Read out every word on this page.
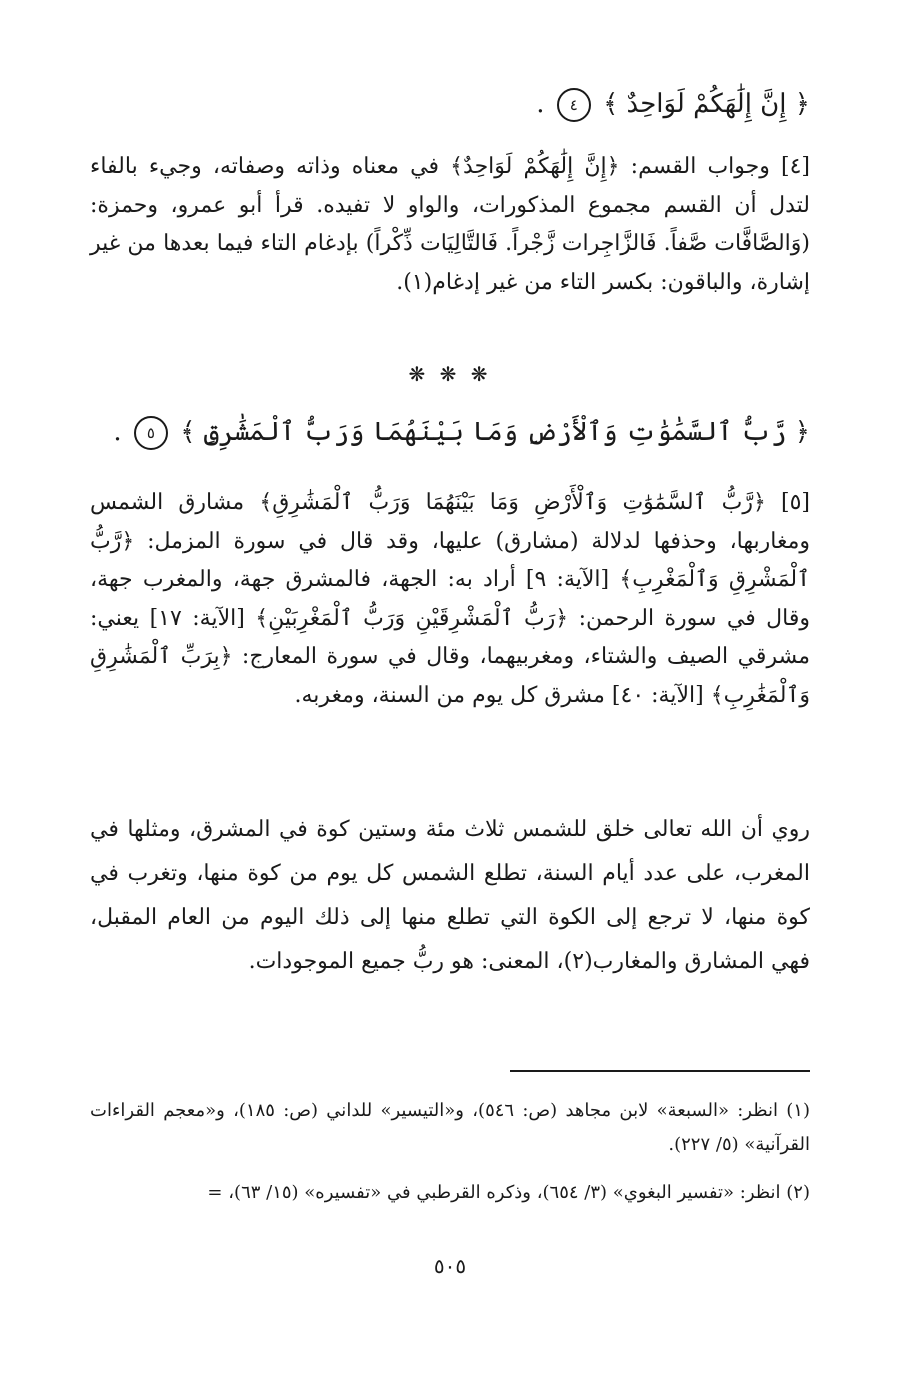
﴿ إِنَّ إِلَٰهَكُمْ لَوَاحِدٌ ﴾ ٤ .
[٤] وجواب القسم: ﴿إِنَّ إِلَٰهَكُمْ لَوَاحِدٌ﴾ في معناه وذاته وصفاته، وجيء بالفاء لتدل أن القسم مجموع المذكورات، والواو لا تفيده. قرأ أبو عمرو، وحمزة: (وَالصَّافَّات صَّفاً. فَالزَّاجِرات زَّجْراً. فَالتَّالِيَات ذِّكْراً) بإدغام التاء فيما بعدها من غير إشارة، والباقون: بكسر التاء من غير إدغام(١).
❋ ❋ ❋
﴿ رَّبُّ ٱلسَّمَٰوَٰتِ وَٱلْأَرْضِ وَمَا بَيْنَهُمَا وَرَبُّ ٱلْمَشَٰرِقِ ﴾ ٥ .
[٥] ﴿رَّبُّ ٱلسَّمَٰوَٰتِ وَٱلْأَرْضِ وَمَا بَيْنَهُمَا وَرَبُّ ٱلْمَشَٰرِقِ﴾ مشارق الشمس ومغاربها، وحذفها لدلالة (مشارق) عليها، وقد قال في سورة المزمل: ﴿رَّبُّ ٱلْمَشْرِقِ وَٱلْمَغْرِبِ﴾ [الآية: ٩] أراد به: الجهة، فالمشرق جهة، والمغرب جهة، وقال في سورة الرحمن: ﴿رَبُّ ٱلْمَشْرِقَيْنِ وَرَبُّ ٱلْمَغْرِبَيْنِ﴾ [الآية: ١٧] يعني: مشرقي الصيف والشتاء، ومغربيهما، وقال في سورة المعارج: ﴿بِرَبِّ ٱلْمَشَٰرِقِ وَٱلْمَغَٰرِبِ﴾ [الآية: ٤٠] مشرق كل يوم من السنة، ومغربه.
روي أن الله تعالى خلق للشمس ثلاث مئة وستين كوة في المشرق، ومثلها في المغرب، على عدد أيام السنة، تطلع الشمس كل يوم من كوة منها، وتغرب في كوة منها، لا ترجع إلى الكوة التي تطلع منها إلى ذلك اليوم من العام المقبل، فهي المشارق والمغارب(٢)، المعنى: هو ربُّ جميع الموجودات.
(١) انظر: «السبعة» لابن مجاهد (ص: ٥٤٦)، و«التيسير» للداني (ص: ١٨٥)، و«معجم القراءات القرآنية» (٥/ ٢٢٧).
(٢) انظر: «تفسير البغوي» (٣/ ٦٥٤)، وذكره القرطبي في «تفسيره» (١٥/ ٦٣)، =
٥٠٥
